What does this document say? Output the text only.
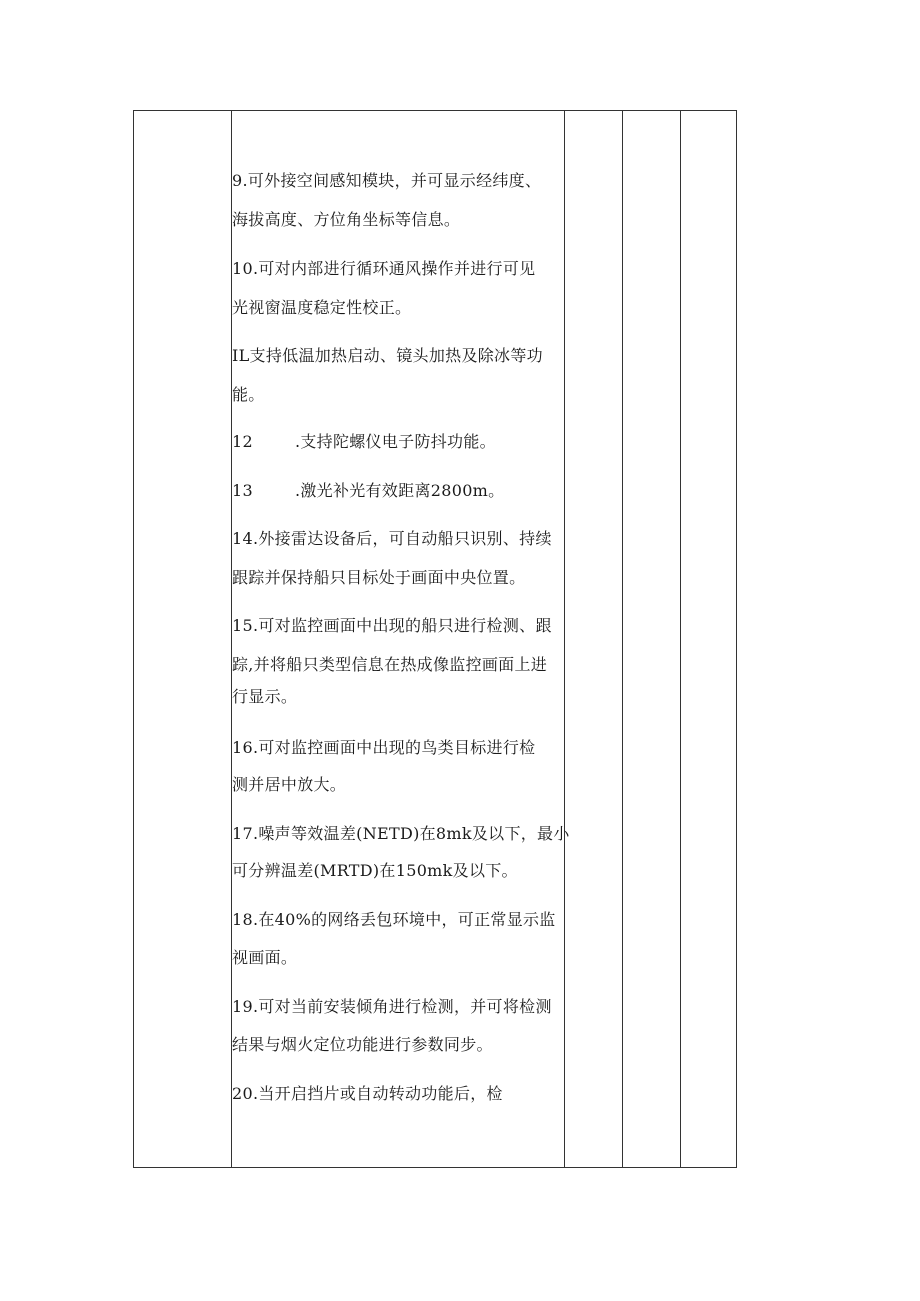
9.可外接空间感知模块，并可显示经纬度、
海拔高度、方位角坐标等信息。
10.可对内部进行循环通风操作并进行可见
光视窗温度稳定性校正。
IL支持低温加热启动、镜头加热及除冰等功
能。
12	.支持陀螺仪电子防抖功能。
13	.激光补光有效距离2800m。
14.外接雷达设备后，可自动船只识别、持续
跟踪并保持船只目标处于画面中央位置。
15.可对监控画面中出现的船只进行检测、跟
踪,并将船只类型信息在热成像监控画面上进
行显示。
16.可对监控画面中出现的鸟类目标进行检
测并居中放大。
17.噪声等效温差(NETD)在8mk及以下，最小
可分辨温差(MRTD)在150mk及以下。
18.在40%的网络丢包环境中，可正常显示监
视画面。
19.可对当前安装倾角进行检测，并可将检测
结果与烟火定位功能进行参数同步。
20.当开启挡片或自动转动功能后，检
